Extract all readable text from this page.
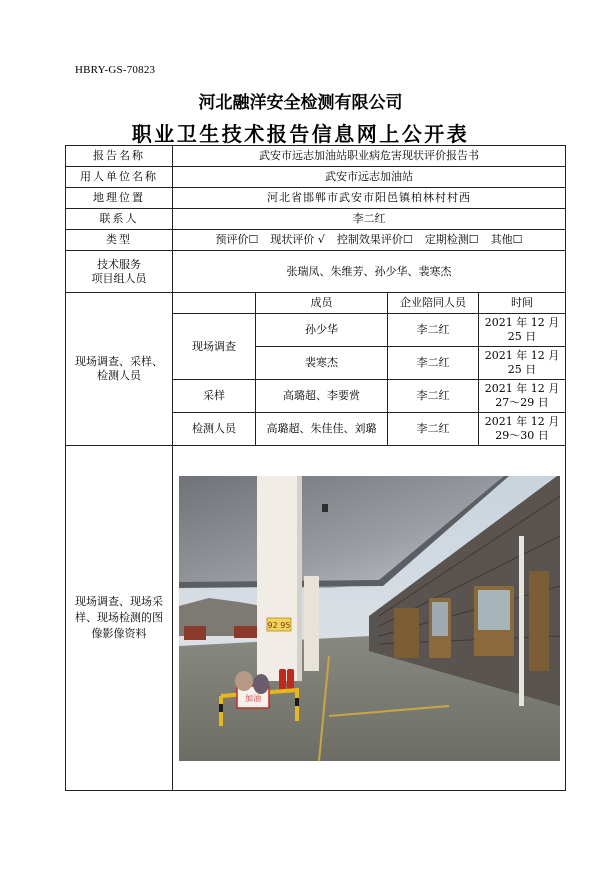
HBRY-GS-70823
河北融洋安全检测有限公司
职业卫生技术报告信息网上公开表
报告名称	武安市远志加油站职业病危害现状评价报告书			
用人单位名称	武安市远志加油站			
地理位置	河北省邯郸市武安市阳邑镇柏林村村西			
联系人	李二红			
类型	预评价☐ 现状评价 √ 控制效果评价☐ 定期检测☐ 其他☐			

技术服务
项目组人员	张瑞凤、朱维芳、孙少华、裴寒杰			
现场调查、采样、检测人员		成员	企业陪同人员	时间
	现场调查	孙少华	李二红	2021 年 12 月
25 日

		裴寒杰	李二红	2021 年 12 月
25 日

	采样	高璐超、李要赏	李二红	2021 年 12 月
27～29 日

	检测人员	高璐超、朱佳佳、刘璐	李二红	2021 年 12 月
29～30 日

现场调查、现场采样、现场检测的图像影像资料	92 95
加油			
